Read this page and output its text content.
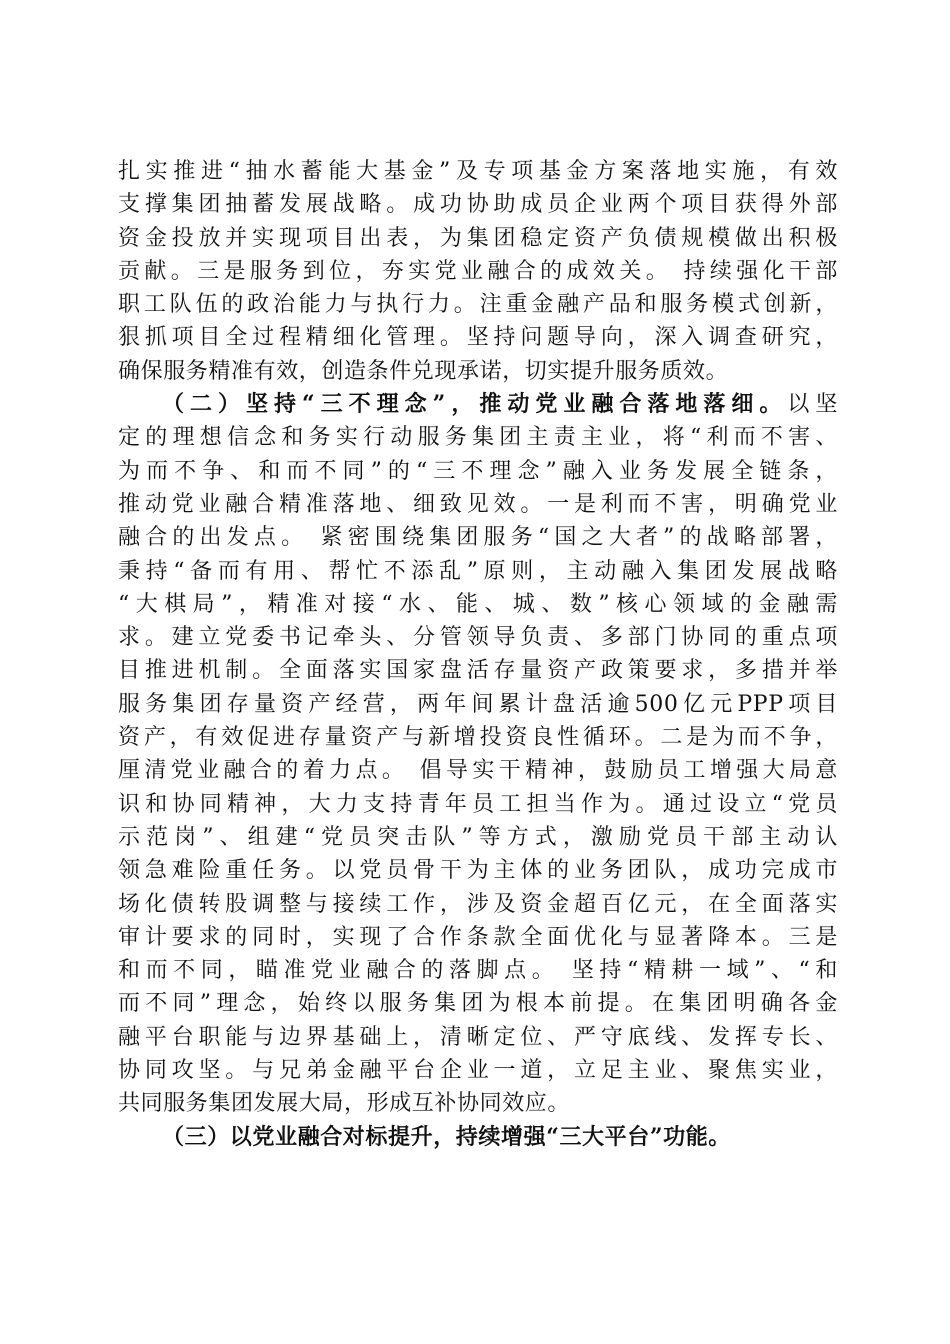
扎实推进“抽水蓄能大基金”及专项基金方案落地实施，有效
支撑集团抽蓄发展战略。成功协助成员企业两个项目获得外部
资金投放并实现项目出表，为集团稳定资产负债规模做出积极
贡献。三是服务到位，夯实党业融合的成效关。 持续强化干部
职工队伍的政治能力与执行力。注重金融产品和服务模式创新，
狠抓项目全过程精细化管理。坚持问题导向，深入调查研究，
确保服务精准有效，创造条件兑现承诺，切实提升服务质效。
（二）坚持“三不理念”，推动党业融合落地落细。以坚
定的理想信念和务实行动服务集团主责主业，将“利而不害、
为而不争、和而不同”的“三不理念”融入业务发展全链条，
推动党业融合精准落地、细致见效。一是利而不害，明确党业
融合的出发点。 紧密围绕集团服务“国之大者”的战略部署，
秉持“备而有用、帮忙不添乱”原则，主动融入集团发展战略
“大棋局”，精准对接“水、能、城、数”核心领域的金融需
求。建立党委书记牵头、分管领导负责、多部门协同的重点项
目推进机制。全面落实国家盘活存量资产政策要求，多措并举
服务集团存量资产经营，两年间累计盘活逾500亿元PPP项目
资产，有效促进存量资产与新增投资良性循环。二是为而不争，
厘清党业融合的着力点。 倡导实干精神，鼓励员工增强大局意
识和协同精神，大力支持青年员工担当作为。通过设立“党员
示范岗”、组建“党员突击队”等方式，激励党员干部主动认
领急难险重任务。以党员骨干为主体的业务团队，成功完成市
场化债转股调整与接续工作，涉及资金超百亿元，在全面落实
审计要求的同时，实现了合作条款全面优化与显著降本。三是
和而不同，瞄准党业融合的落脚点。 坚持“精耕一域”、“和
而不同”理念，始终以服务集团为根本前提。在集团明确各金
融平台职能与边界基础上，清晰定位、严守底线、发挥专长、
协同攻坚。与兄弟金融平台企业一道，立足主业、聚焦实业，
共同服务集团发展大局，形成互补协同效应。
（三）以党业融合对标提升，持续增强“三大平台”功能。
